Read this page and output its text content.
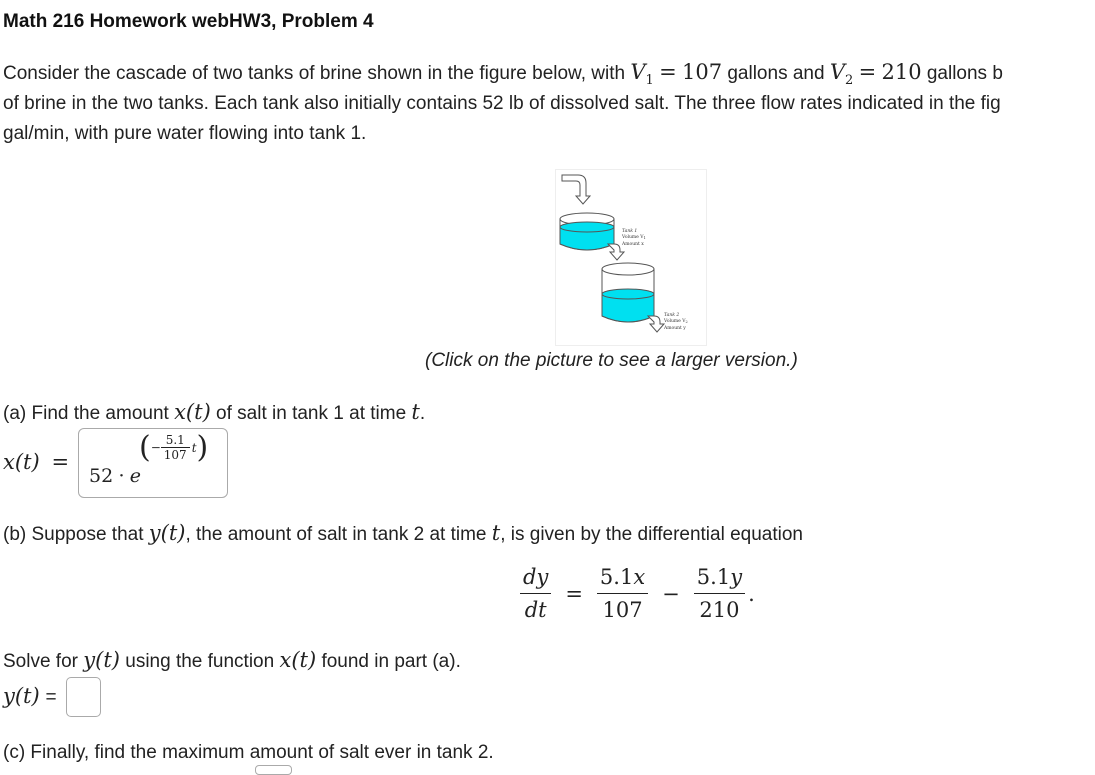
Math 216 Homework webHW3, Problem 4
Consider the cascade of two tanks of brine shown in the figure below, with $V_1 = 107$ gallons and $V_2 = 210$ gallons b
of brine in the two tanks. Each tank also initially contains 52 lb of dissolved salt. The three flow rates indicated in the fig
gal/min, with pure water flowing into tank 1.
Tank 1
Volume $V_1$
Amount x
Tank 2
Volume $V_2$
Amount y
(Click on the picture to see a larger version.)
(a) Find the amount x(t) of salt in tank 1 at time t.
x(t) =
52 · e
(− $\frac{5.1}{107} t$)
(b) Suppose that y(t), the amount of salt in tank 2 at time t, is given by the differential equation
$\frac{dy}{dt} = \frac{5.1x}{107} - \frac{5.1y}{210}$ .
Solve for y(t) using the function x(t) found in part (a).
y(t) =
(c) Finally, find the maximum amount of salt ever in tank 2.
